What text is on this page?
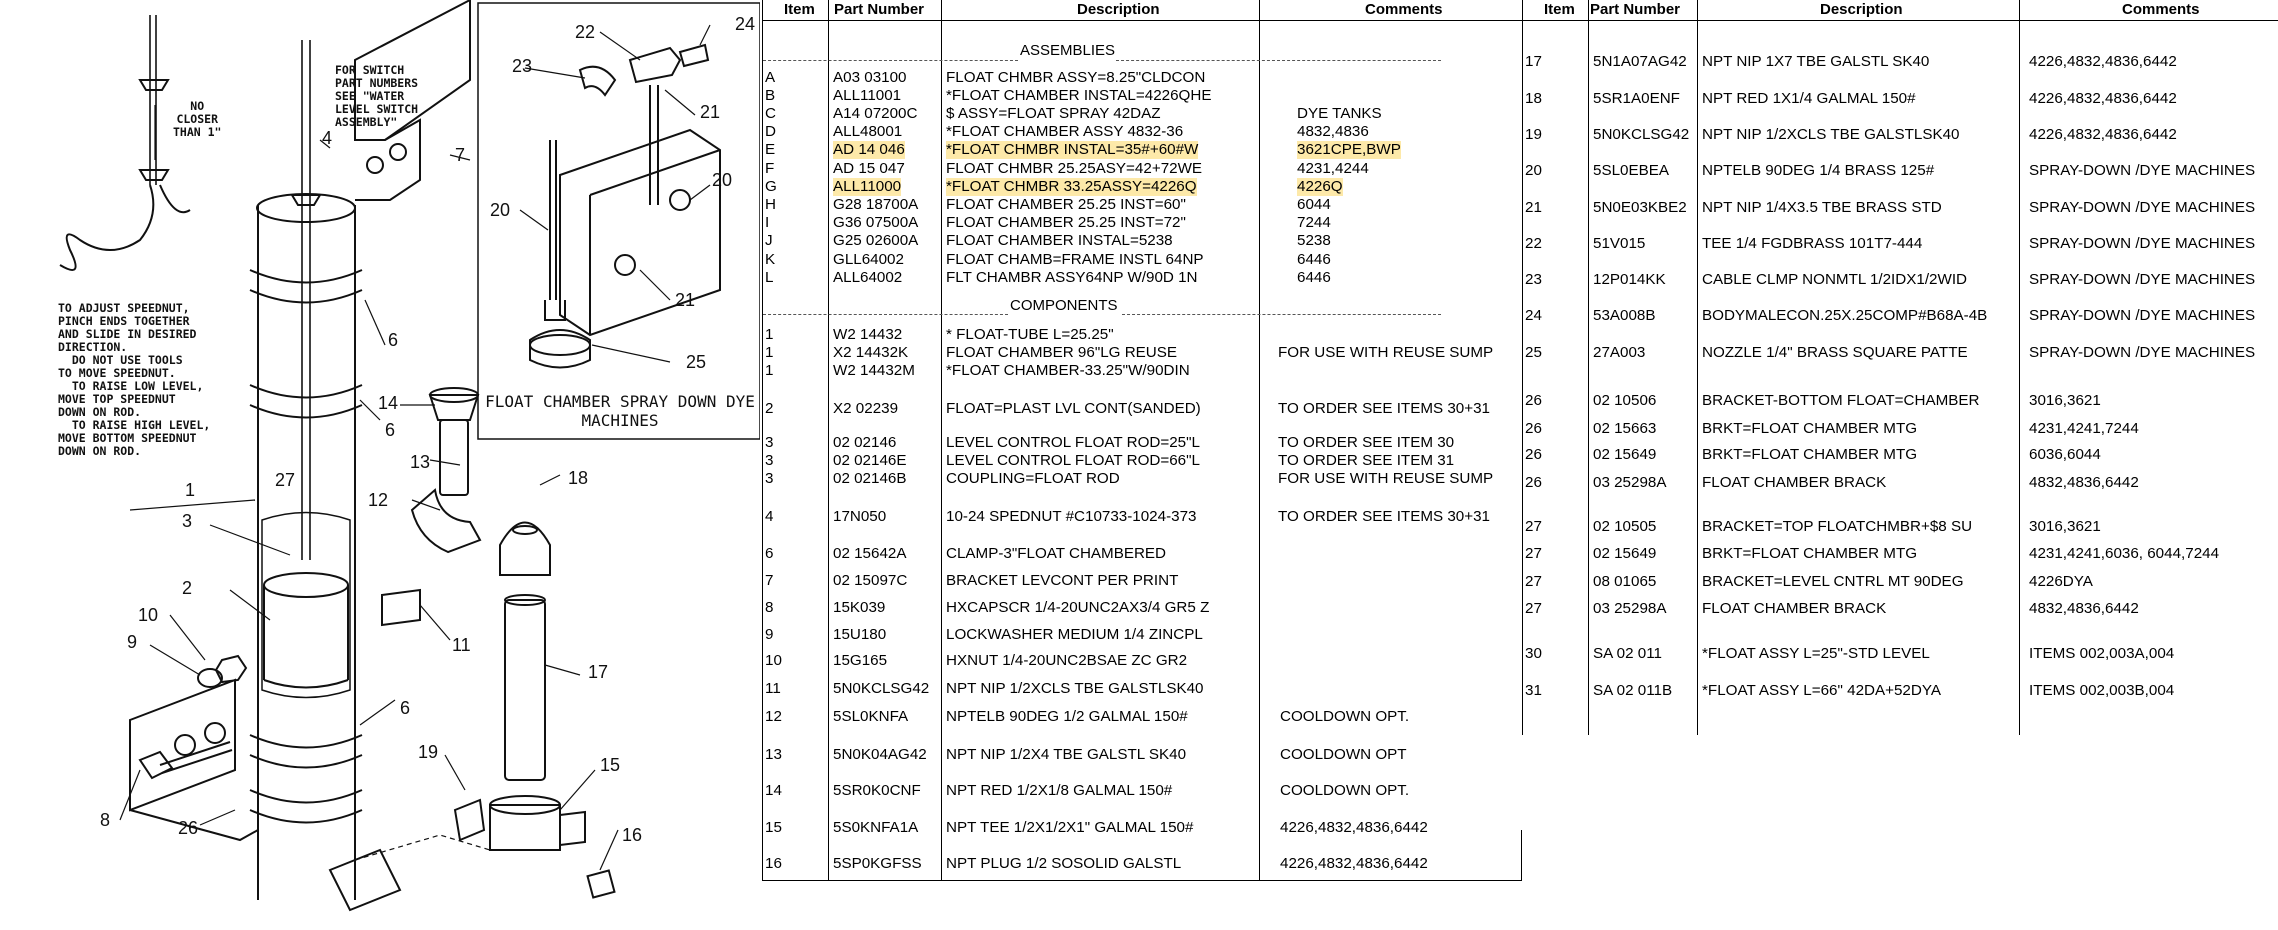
FOR SWITCH
PART NUMBERS
SEE "WATER
LEVEL SWITCH
ASSEMBLY"
NO
CLOSER
THAN 1"
TO ADJUST SPEEDNUT,
PINCH ENDS TOGETHER
AND SLIDE IN DESIRED
DIRECTION.
DO NOT USE TOOLS
TO MOVE SPEEDNUT.
TO RAISE LOW LEVEL,
MOVE TOP SPEEDNUT
DOWN ON ROD.
TO RAISE HIGH LEVEL,
MOVE BOTTOM SPEEDNUT
DOWN ON ROD.
FLOAT CHAMBER SPRAY DOWN DYE MACHINES
4
7
6
6
6
14
27
13
1	12
18
3
2
10
9	11
17
8	26
19
15
16
22	24
23
21
20
20
21
25
Item Part Number	Description	Comments
ASSEMBLIES
COMPONENTS
A	A03 03100	FLOAT CHMBR ASSY=8.25"CLDCON
B	ALL11001	*FLOAT CHAMBER INSTAL=4226QHE
C	A14 07200C $ ASSY=FLOAT SPRAY 42DAZ	DYE TANKS
D	ALL48001	*FLOAT CHAMBER ASSY 4832-36	4832,4836
E	AD 14 046	*FLOAT CHMBR INSTAL=35#+60#W	3621CPE,BWP
F	AD 15 047	FLOAT CHMBR 25.25ASY=42+72WE	4231,4244
G	ALL11000	*FLOAT CHMBR 33.25ASSY=4226Q	4226Q
H	G28 18700A FLOAT CHAMBER 25.25 INST=60"	6044
I	G36 07500A FLOAT CHAMBER 25.25 INST=72"	7244
J	G25 02600A FLOAT CHAMBER INSTAL=5238	5238
K	GLL64002	FLOAT CHAMB=FRAME INSTL 64NP	6446
L	ALL64002	FLT CHAMBR ASSY64NP W/90D 1N	6446
1	W2 14432	* FLOAT-TUBE L=25.25"
1	X2 14432K FLOAT CHAMBER 96"LG REUSE	FOR USE WITH REUSE SUMP
1	W2 14432M *FLOAT CHAMBER-33.25"W/90DIN
2	X2 02239	FLOAT=PLAST LVL CONT(SANDED)	TO ORDER SEE ITEMS 30+31
3	02 02146	LEVEL CONTROL FLOAT ROD=25"L	TO ORDER SEE ITEM 30
3	02 02146E	LEVEL CONTROL FLOAT ROD=66"L	TO ORDER SEE ITEM 31
3	02 02146B	COUPLING=FLOAT ROD	FOR USE WITH REUSE SUMP
4	17N050	10-24 SPEDNUT #C10733-1024-373	TO ORDER SEE ITEMS 30+31
6	02 15642A	CLAMP-3"FLOAT CHAMBERED
7	02 15097C	BRACKET LEVCONT PER PRINT
8	15K039	HXCAPSCR 1/4-20UNC2AX3/4 GR5 Z
9	15U180	LOCKWASHER MEDIUM 1/4 ZINCPL
10	15G165	HXNUT 1/4-20UNC2BSAE ZC GR2
11	5N0KCLSG42 NPT NIP 1/2XCLS TBE GALSTLSK40
12	5SL0KNFA NPTELB 90DEG 1/2 GALMAL 150#	COOLDOWN OPT.
13	5N0K04AG42 NPT NIP 1/2X4 TBE GALSTL SK40	COOLDOWN OPT
14	5SR0K0CNF NPT RED 1/2X1/8 GALMAL 150#	COOLDOWN OPT.
15	5S0KNFA1A NPT TEE 1/2X1/2X1" GALMAL 150#	4226,4832,4836,6442
16	5SP0KGFSS NPT PLUG 1/2 SOSOLID GALSTL	4226,4832,4836,6442
Item Part Number	Description	Comments
17	5N1A07AG42 NPT NIP 1X7 TBE GALSTL SK40	4226,4832,4836,6442
18	5SR1A0ENF NPT RED 1X1/4 GALMAL 150#	4226,4832,4836,6442
19	5N0KCLSG42 NPT NIP 1/2XCLS TBE GALSTLSK40	4226,4832,4836,6442
20	5SL0EBEA NPTELB 90DEG 1/4 BRASS 125#	SPRAY-DOWN /DYE MACHINES
21	5N0E03KBE2 NPT NIP 1/4X3.5 TBE BRASS STD	SPRAY-DOWN /DYE MACHINES
22	51V015	TEE 1/4 FGDBRASS 101T7-444	SPRAY-DOWN /DYE MACHINES
23	12P014KK CABLE CLMP NONMTL 1/2IDX1/2WID	SPRAY-DOWN /DYE MACHINES
24	53A008B	BODYMALECON.25X.25COMP#B68A-4B	SPRAY-DOWN /DYE MACHINES
25	27A003	NOZZLE 1/4" BRASS SQUARE PATTE	SPRAY-DOWN /DYE MACHINES
26	02 10506	BRACKET-BOTTOM FLOAT=CHAMBER	3016,3621
26	02 15663	BRKT=FLOAT CHAMBER MTG	4231,4241,7244
26	02 15649	BRKT=FLOAT CHAMBER MTG	6036,6044
26	03 25298A FLOAT CHAMBER BRACK	4832,4836,6442
27	02 10505	BRACKET=TOP FLOATCHMBR+$8 SU	3016,3621
27	02 15649	BRKT=FLOAT CHAMBER MTG	4231,4241,6036, 6044,7244
27	08 01065	BRACKET=LEVEL CNTRL MT 90DEG	4226DYA
27	03 25298A FLOAT CHAMBER BRACK	4832,4836,6442
30	SA 02 011	*FLOAT ASSY L=25"-STD LEVEL	ITEMS 002,003A,004
31	SA 02 011B *FLOAT ASSY L=66" 42DA+52DYA	ITEMS 002,003B,004
